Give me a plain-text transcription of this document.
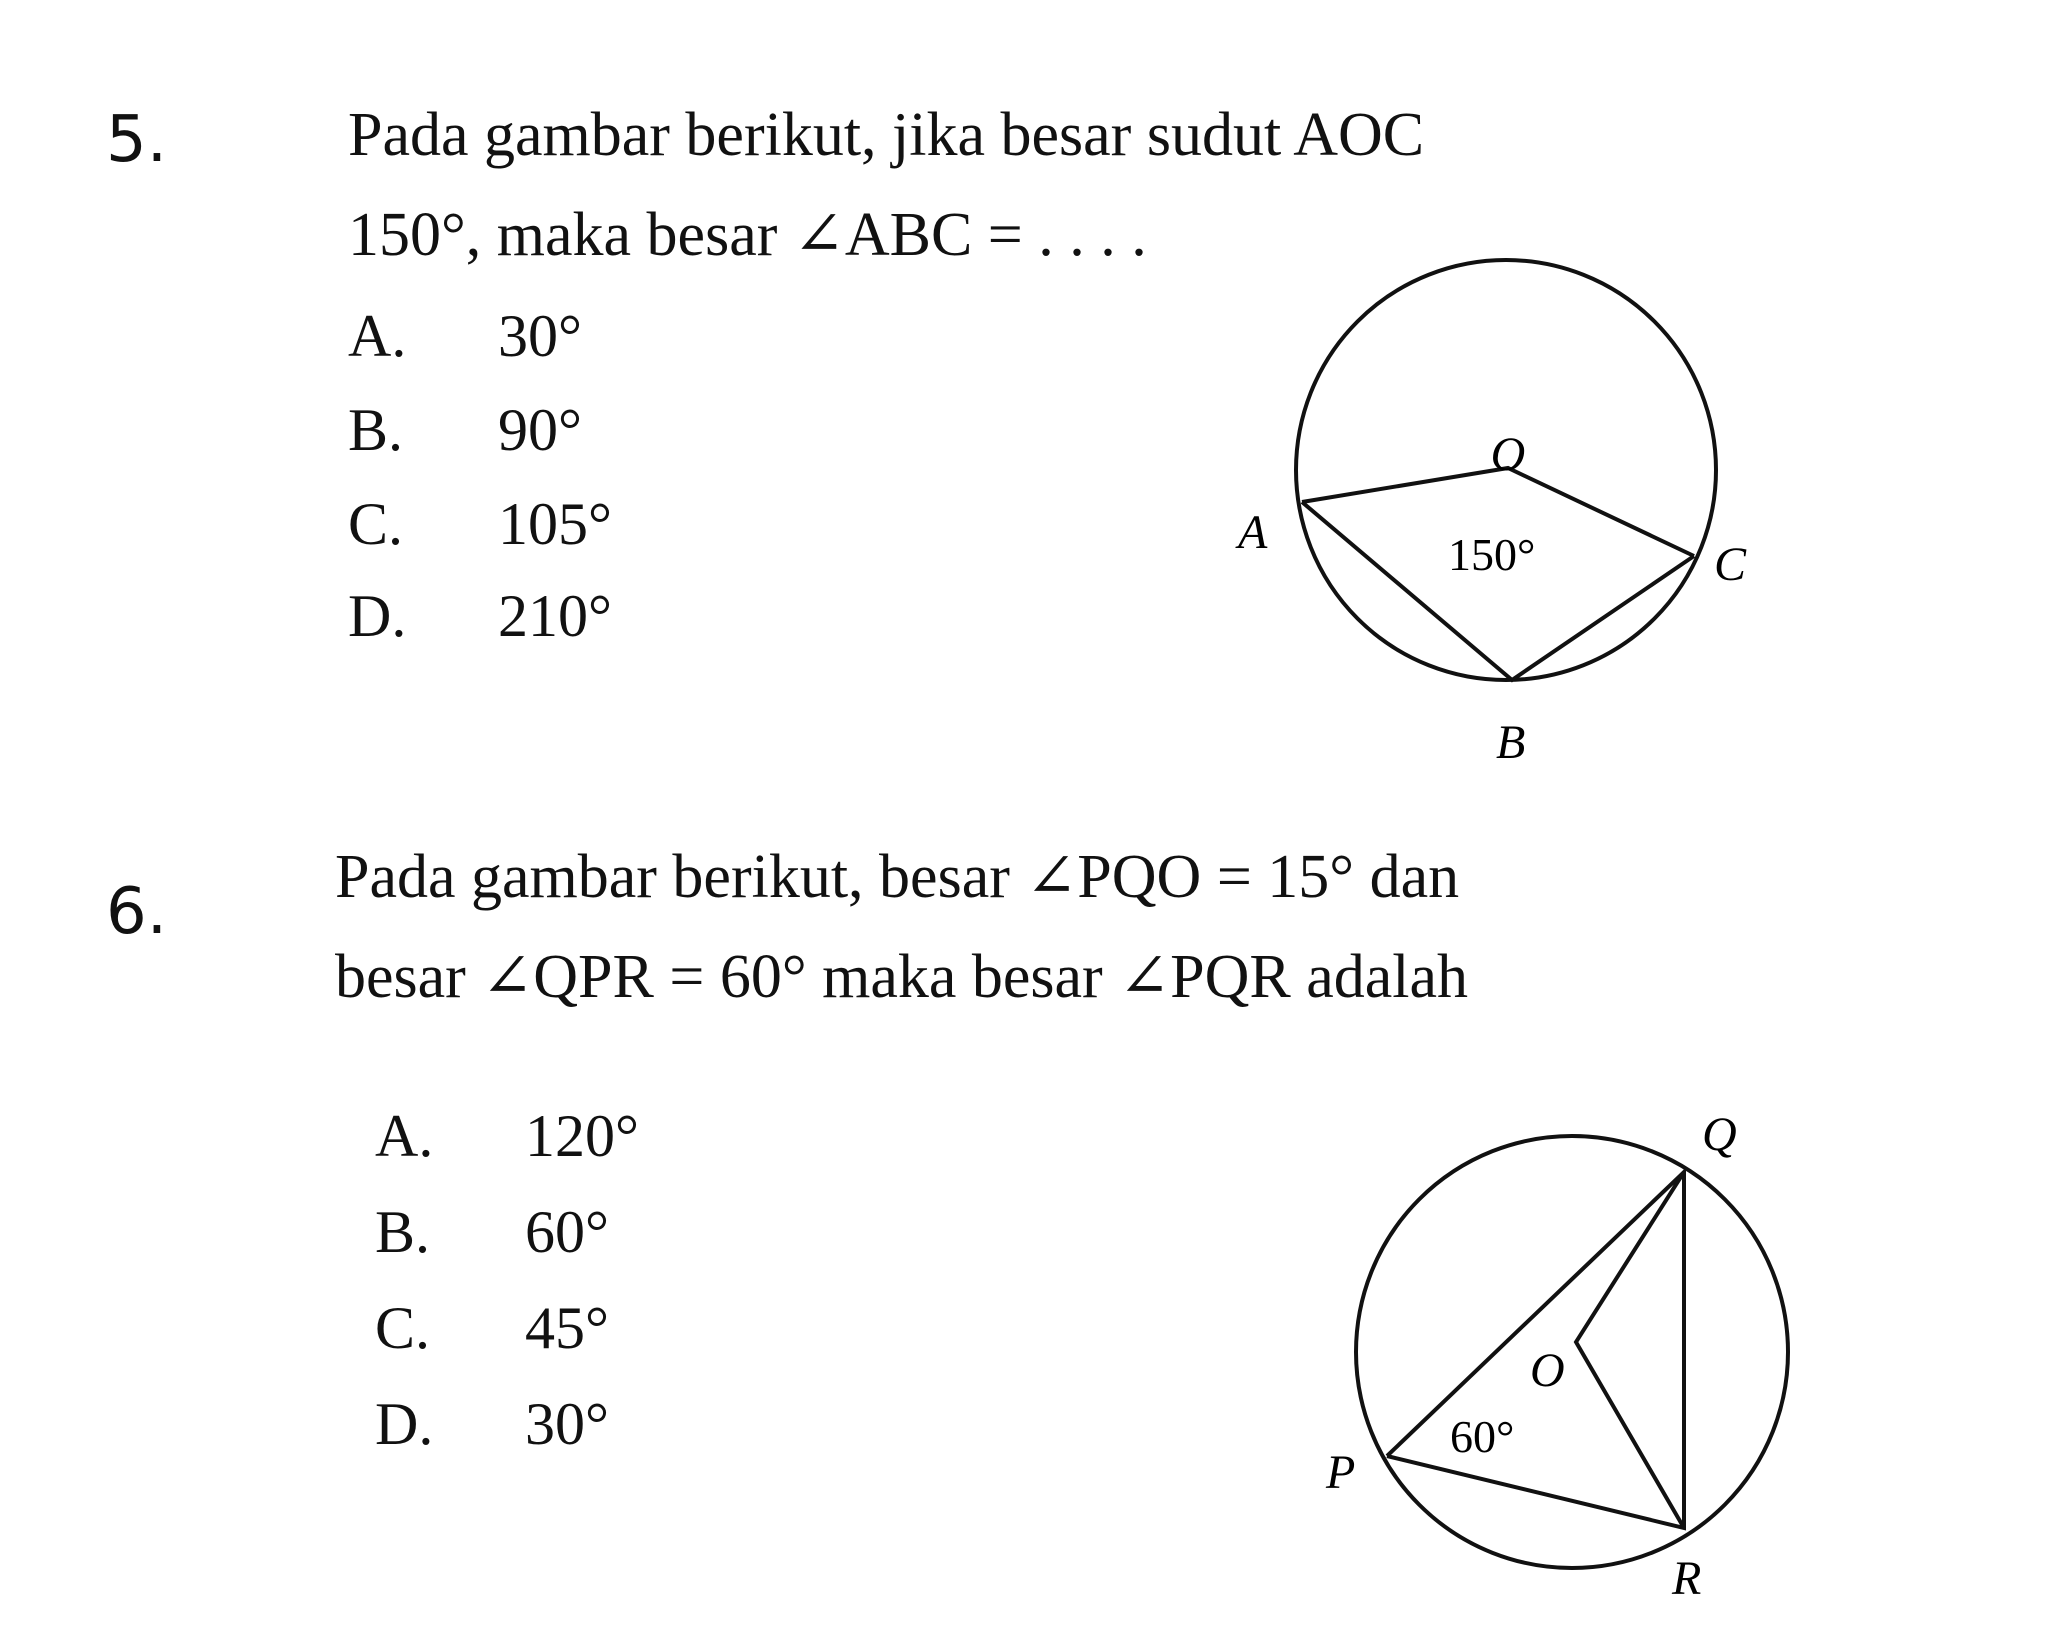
5.	Pada gambar berikut, jika besar sudut AOC
150°, maka besar ∠ABC = . . . .
A.	30°
B.	90°
C.	105°
D.	210°
6.	Pada gambar berikut, besar ∠PQO = 15° dan
besar ∠QPR = 60° maka besar ∠PQR adalah
A.	120°
B.	60°
C.	45°
D.	30°
O
A
C
B
150°
Q
O
P
R
60°
